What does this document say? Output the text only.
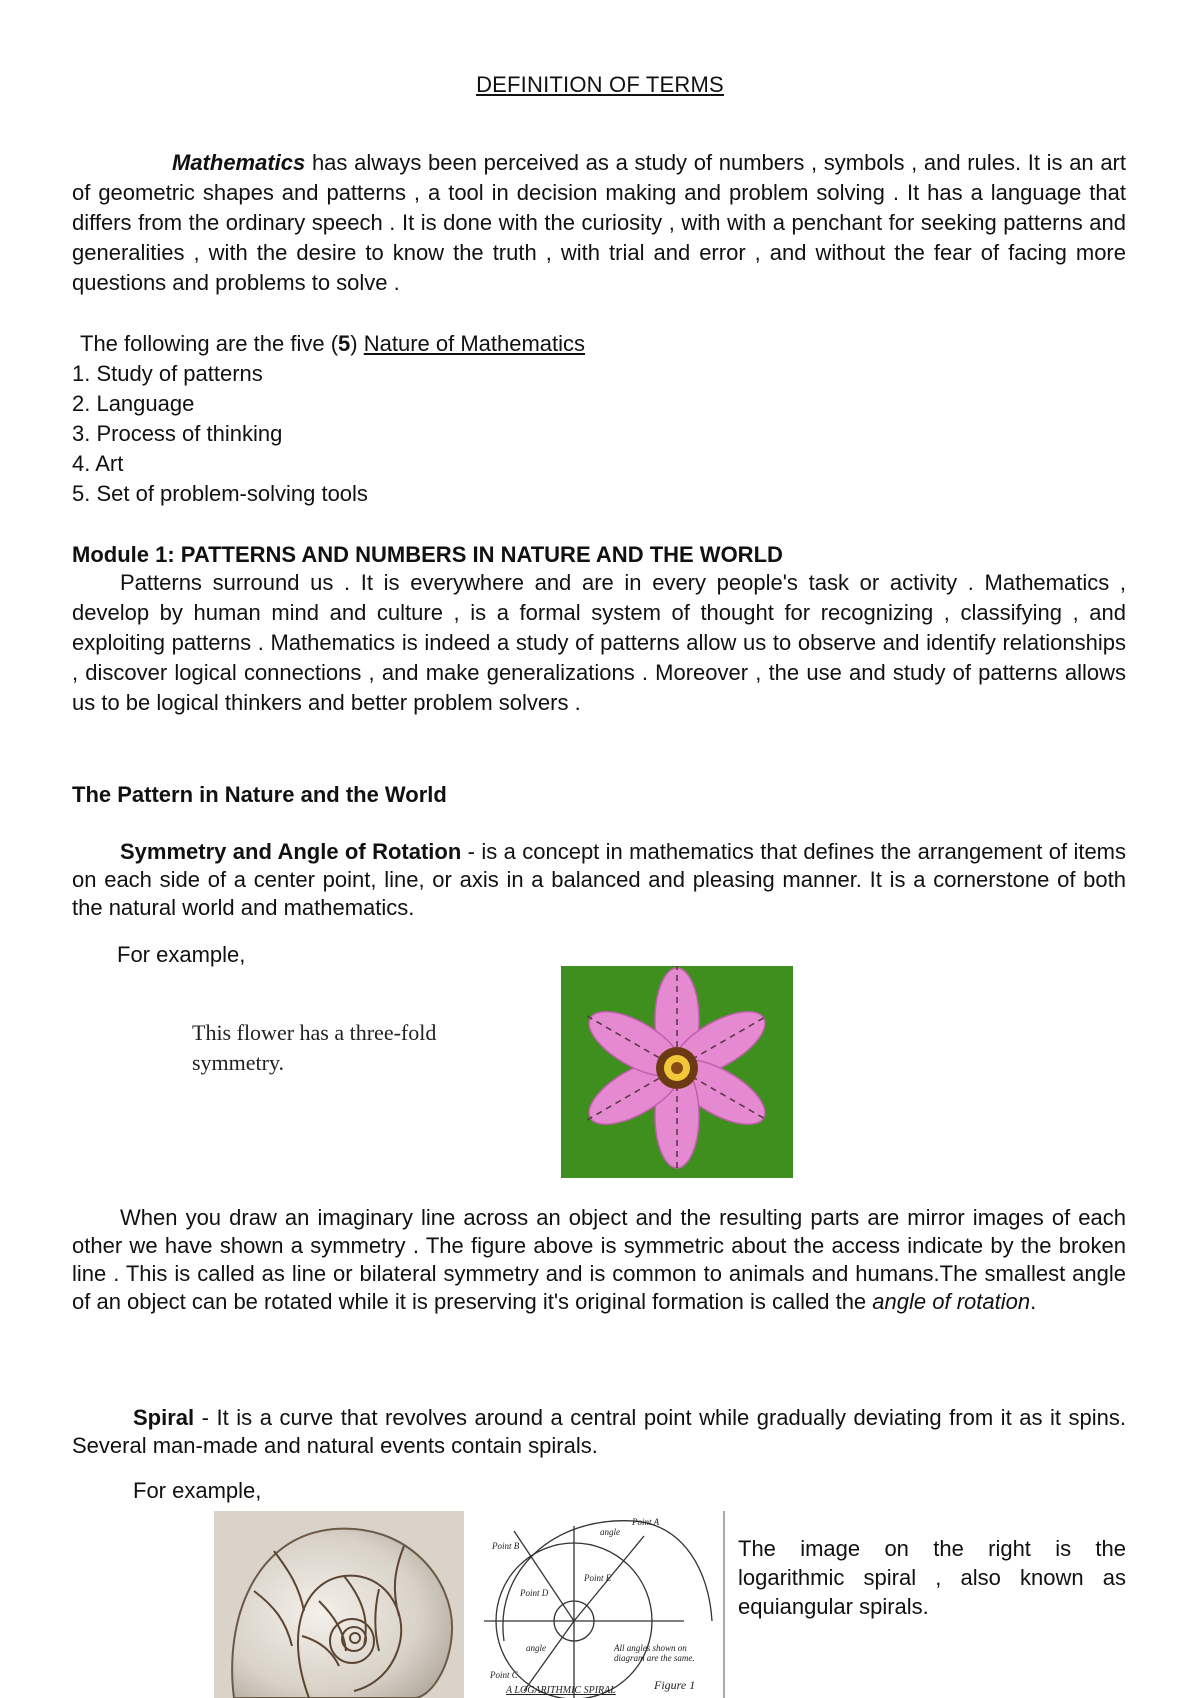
DEFINITION OF TERMS
Mathematics has always been perceived as a study of numbers , symbols , and rules. It is an art of geometric shapes and patterns , a tool in decision making and problem solving . It has a language that differs from the ordinary speech . It is done with the curiosity , with with a penchant for seeking patterns and generalities , with the desire to know the truth , with trial and error , and without the fear of facing more questions and problems to solve .
The following are the five (5) Nature of Mathematics
1. Study of patterns
2. Language
3. Process of thinking
4. Art
5. Set of problem-solving tools
Module 1: PATTERNS AND NUMBERS IN NATURE AND THE WORLD
Patterns surround us . It is everywhere and are in every people's task or activity . Mathematics , develop by human mind and culture , is a formal system of thought for recognizing , classifying , and exploiting patterns . Mathematics is indeed a study of patterns allow us to observe and identify relationships , discover logical connections , and make generalizations . Moreover , the use and study of patterns allows us to be logical thinkers and better problem solvers .
The Pattern in Nature and the World
Symmetry and Angle of Rotation - is a concept in mathematics that defines the arrangement of items on each side of a center point, line, or axis in a balanced and pleasing manner. It is a cornerstone of both the natural world and mathematics.
For example,
This flower has a three-fold
symmetry.
When you draw an imaginary line across an object and the resulting parts are mirror images of each other we have shown a symmetry . The figure above is symmetric about the access indicate by the broken line . This is called as line or bilateral symmetry and is common to animals and humans.The smallest angle of an object can be rotated while it is preserving it's original formation is called the angle of rotation.
Spiral - It is a curve that revolves around a central point while gradually deviating from it as it spins. Several man-made and natural events contain spirals.
For example,
Point B
Point A
Point C
Point D
Point E
angle
angle	All angles shown on
diagram are the same.
A LOGARITHMIC SPIRAL	Figure 1
The image on the right is the logarithmic spiral , also known as equiangular spirals.
